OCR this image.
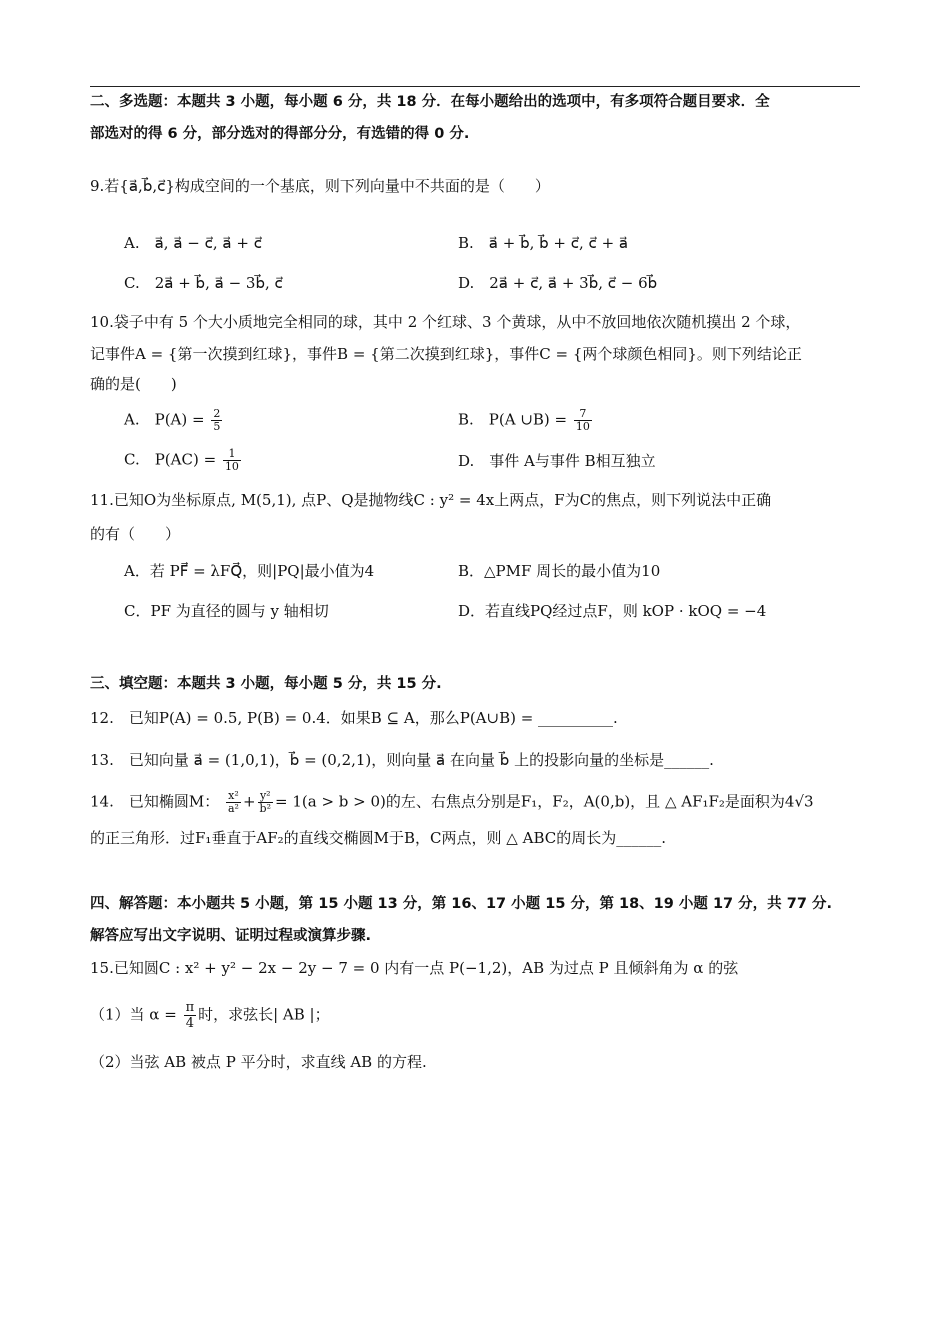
二、多选题：本题共 3 小题，每小题 6 分，共 18 分．在每小题给出的选项中，有多项符合题目要求．全
部选对的得 6 分，部分选对的得部分分，有选错的得 0 分.
9.若{a⃗,b⃗,c⃗}构成空间的一个基底，则下列向量中不共面的是（　　）
A.　a⃗, a⃗ − c⃗, a⃗ + c⃗	B.　a⃗ + b⃗, b⃗ + c⃗, c⃗ + a⃗
C.　2a⃗ + b⃗, a⃗ − 3b⃗, c⃗	D.　2a⃗ + c⃗, a⃗ + 3b⃗, c⃗ − 6b⃗
10.袋子中有 5 个大小质地完全相同的球，其中 2 个红球、3 个黄球，从中不放回地依次随机摸出 2 个球，
记事件A = {第一次摸到红球}，事件B = {第二次摸到红球}，事件C = {两个球颜色相同}。则下列结论正
确的是(　　)
A.　$P(A) = \frac{2}{5}$	B.　P(A ∪B) = $\frac{7}{10}$
C.　$P(AC) = \frac{1}{10}$	D.　事件 A与事件 B相互独立
11.已知O为坐标原点, M(5,1), 点P、Q是抛物线C : y² = 4x上两点，F为C的焦点，则下列说法中正确
的有（　　）
A．若 PF⃗ = λFQ⃗，则|PQ|最小值为4	B．△PMF 周长的最小值为10
C．PF 为直径的圆与 y 轴相切	D．若直线PQ经过点F，则 kOP · kOQ = −4
三、填空题：本题共 3 小题，每小题 5 分，共 15 分.
12.　已知P(A) = 0.5, P(B) = 0.4．如果B ⊆ A，那么P(A∪B) = __________.
13.　已知向量 a⃗ = (1,0,1)，b⃗ = (0,2,1)，则向量 a⃗ 在向量 b⃗ 上的投影向量的坐标是______.
14.　已知椭圆M： $\frac{\text{x²}}{\text{a²}} + \frac{\text{y²}}{\text{b²}} = 1(a > b > 0)$的左、右焦点分别是F₁，F₂，A(0,b)，且 △ AF₁F₂是面积为4√3
的正三角形．过F₁垂直于AF₂的直线交椭圆M于B，C两点，则 △ ABC的周长为______.
四、解答题：本小题共 5 小题，第 15 小题 13 分，第 16、17 小题 15 分，第 18、19 小题 17 分，共 77 分.
解答应写出文字说明、证明过程或演算步骤.
15.已知圆C : x² + y² − 2x − 2y − 7 = 0 内有一点 P(−1,2)，AB 为过点 P 且倾斜角为 α 的弦
（1）当 $\alpha = \frac{\pi}{4}$ 时，求弦长| AB |；
（2）当弦 AB 被点 P 平分时，求直线 AB 的方程.
